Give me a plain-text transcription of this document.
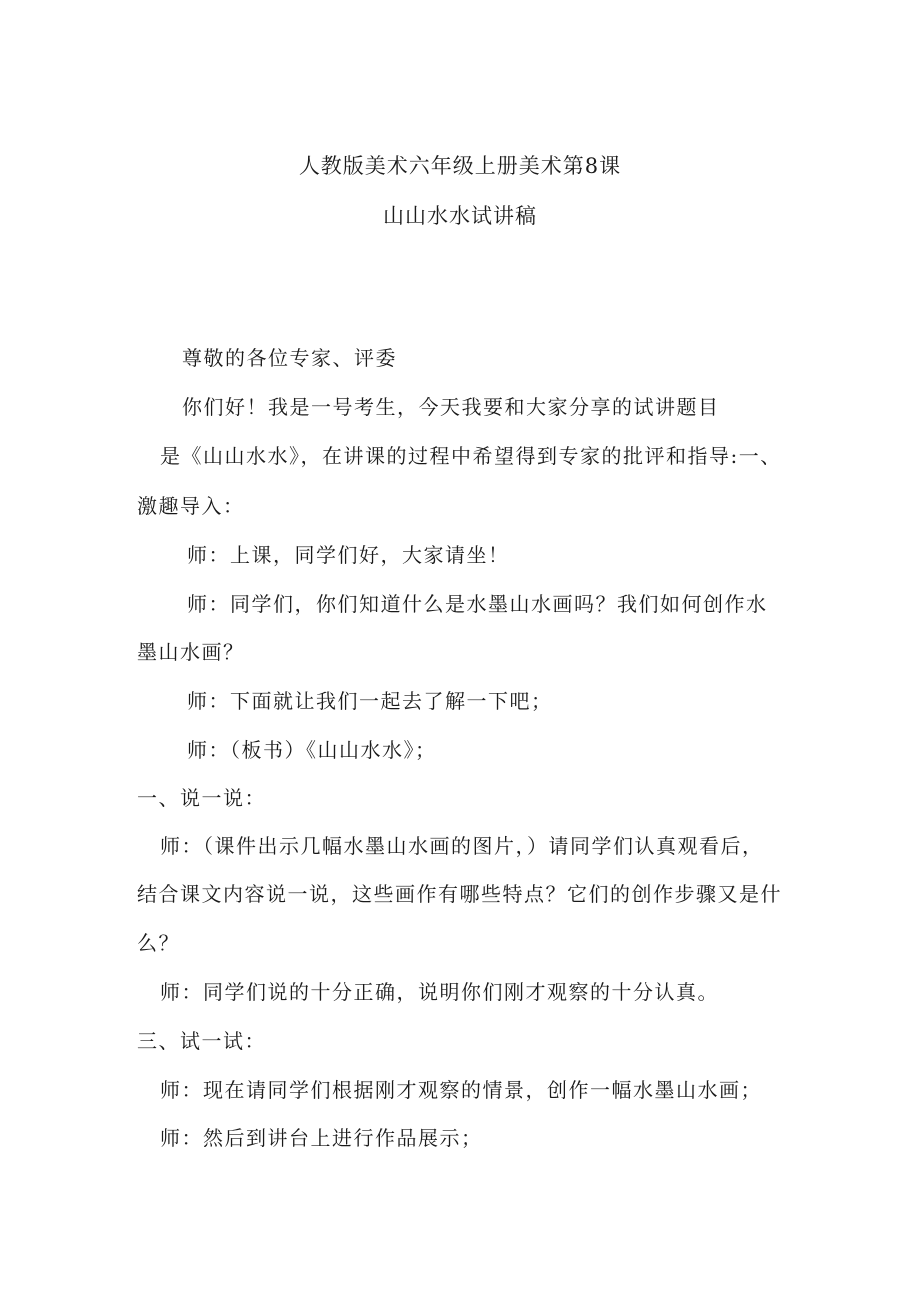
人教版美术六年级上册美术第8课
山山水水试讲稿
尊敬的各位专家、评委
你们好！我是一号考生，今天我要和大家分享的试讲题目
是《山山水水》，在讲课的过程中希望得到专家的批评和指导:一、
激趣导入：
师：上课，同学们好，大家请坐！
师：同学们，你们知道什么是水墨山水画吗？我们如何创作水
墨山水画？
师：下面就让我们一起去了解一下吧；
师：（板书）《山山水水》；
一、说一说：
师：（课件出示几幅水墨山水画的图片，）请同学们认真观看后，
结合课文内容说一说，这些画作有哪些特点？它们的创作步骤又是什
么？
师：同学们说的十分正确，说明你们刚才观察的十分认真。
三、试一试：
师：现在请同学们根据刚才观察的情景，创作一幅水墨山水画；
师：然后到讲台上进行作品展示；
